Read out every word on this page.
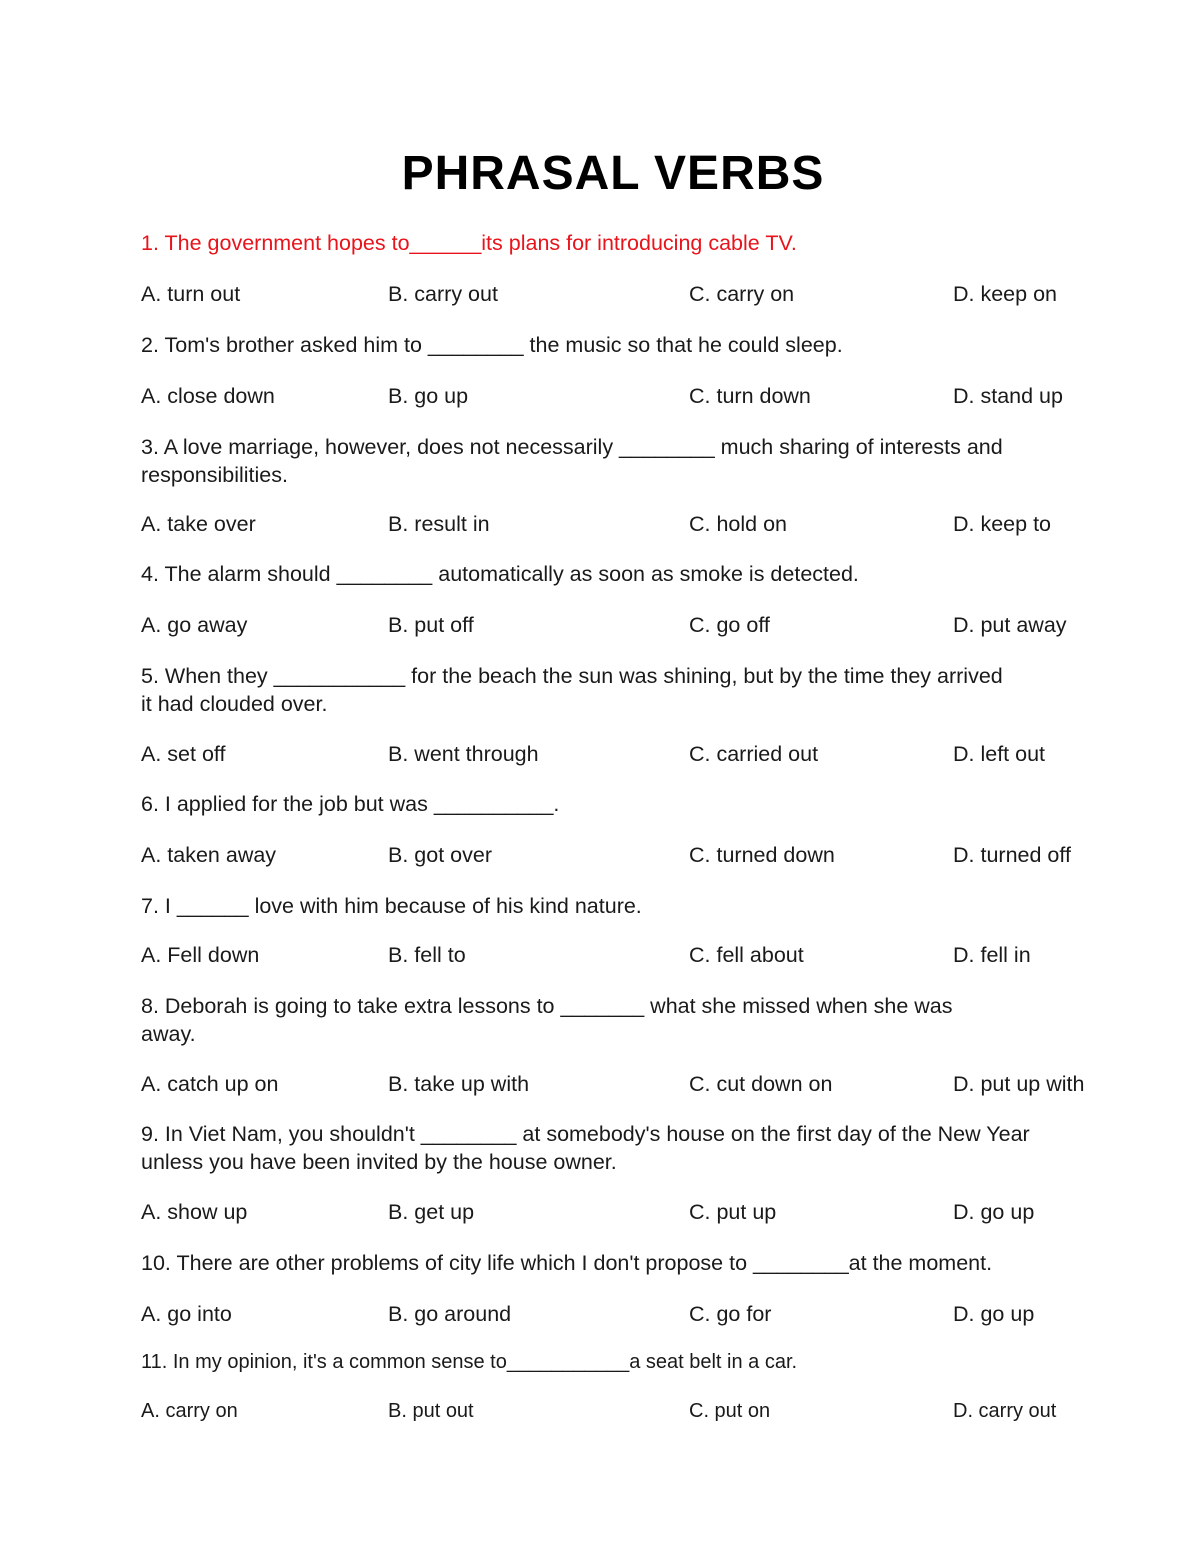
PHRASAL VERBS
1. The government hopes to______its plans for introducing cable TV.
A. turn out	B. carry out	C. carry on	D. keep on
2. Tom's brother asked him to ________ the music so that he could sleep.
A. close down	B. go up	C. turn down	D. stand up
3. A love marriage, however, does not necessarily ________ much sharing of interests and
responsibilities.
A. take over	B. result in	C. hold on	D. keep to
4. The alarm should ________ automatically as soon as smoke is detected.
A. go away	B. put off	C. go off	D. put away
5. When they ___________ for the beach the sun was shining, but by the time they arrived
it had clouded over.
A. set off	B. went through	C. carried out	D. left out
6. I applied for the job but was __________.
A. taken away	B. got over	C. turned down	D. turned off
7. I ______ love with him because of his kind nature.
A. Fell down	B. fell to	C. fell about	D. fell in
8. Deborah is going to take extra lessons to _______ what she missed when she was
away.
A. catch up on	B. take up with	C. cut down on	D. put up with
9. In Viet Nam, you shouldn't ________ at somebody's house on the first day of the New Year
unless you have been invited by the house owner.
A. show up	B. get up	C. put up	D. go up
10. There are other problems of city life which I don't propose to ________at the moment.
A. go into	B. go around	C. go for	D. go up
11. In my opinion, it's a common sense to___________a seat belt in a car.
A. carry on	B. put out	C. put on	D. carry out
